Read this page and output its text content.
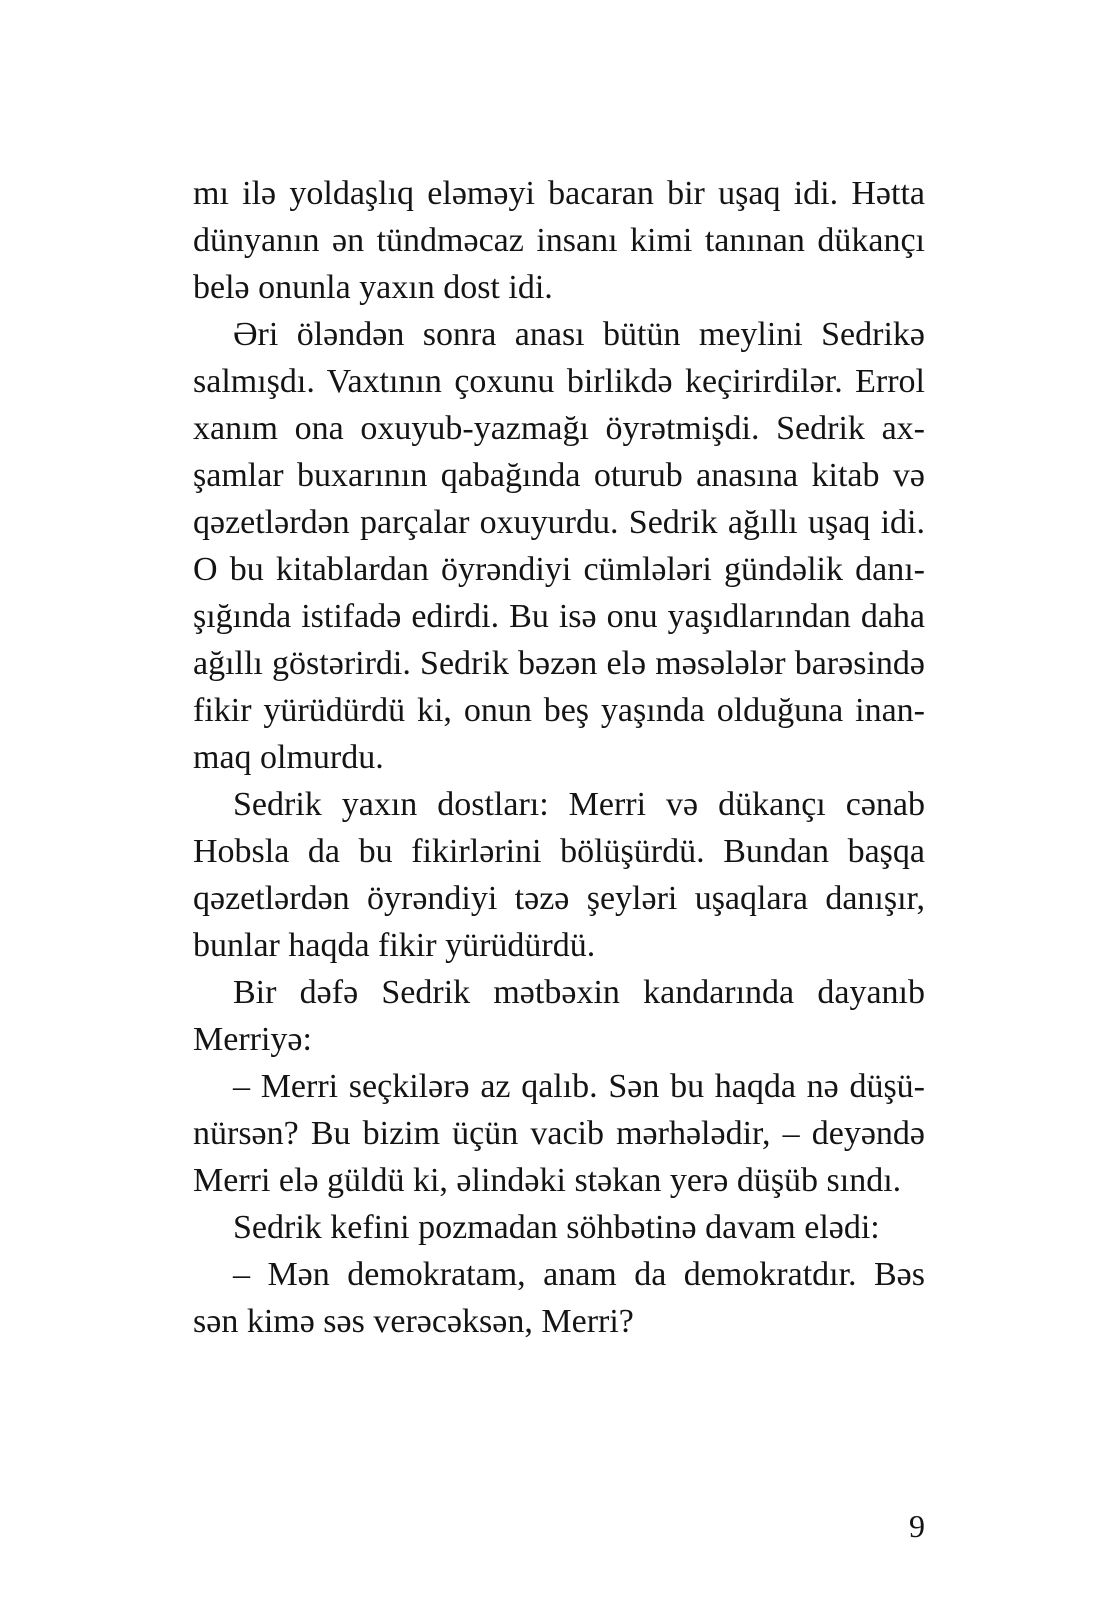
mı ilə yoldaşlıq eləməyi bacaran bir uşaq idi. Hətta
dünyanın ən tündməcaz insanı kimi tanınan dükançı
belə onunla yaxın dost idi.
Əri öləndən sonra anası bütün meylini Sedrikə
salmışdı. Vaxtının çoxunu birlikdə keçirirdilər. Errol
xanım ona oxuyub-yazmağı öyrətmişdi. Sedrik ax-
şamlar buxarının qabağında oturub anasına kitab və
qəzetlərdən parçalar oxuyurdu. Sedrik ağıllı uşaq idi.
O bu kitablardan öyrəndiyi cümlələri gündəlik danı-
şığında istifadə edirdi. Bu isə onu yaşıdlarından daha
ağıllı göstərirdi. Sedrik bəzən elə məsələlər barəsində
fikir yürüdürdü ki, onun beş yaşında olduğuna inan-
maq olmurdu.
Sedrik yaxın dostları: Merri və dükançı cənab
Hobsla da bu fikirlərini bölüşürdü. Bundan başqa
qəzetlərdən öyrəndiyi təzə şeyləri uşaqlara danışır,
bunlar haqda fikir yürüdürdü.
Bir dəfə Sedrik mətbəxin kandarında dayanıb
Merriyə:
– Merri seçkilərə az qalıb. Sən bu haqda nə düşü-
nürsən? Bu bizim üçün vacib mərhələdir, – deyəndə
Merri elə güldü ki, əlindəki stəkan yerə düşüb sındı.
Sedrik kefini pozmadan söhbətinə davam elədi:
– Mən demokratam, anam da demokratdır. Bəs
sən kimə səs verəcəksən, Merri?
9
